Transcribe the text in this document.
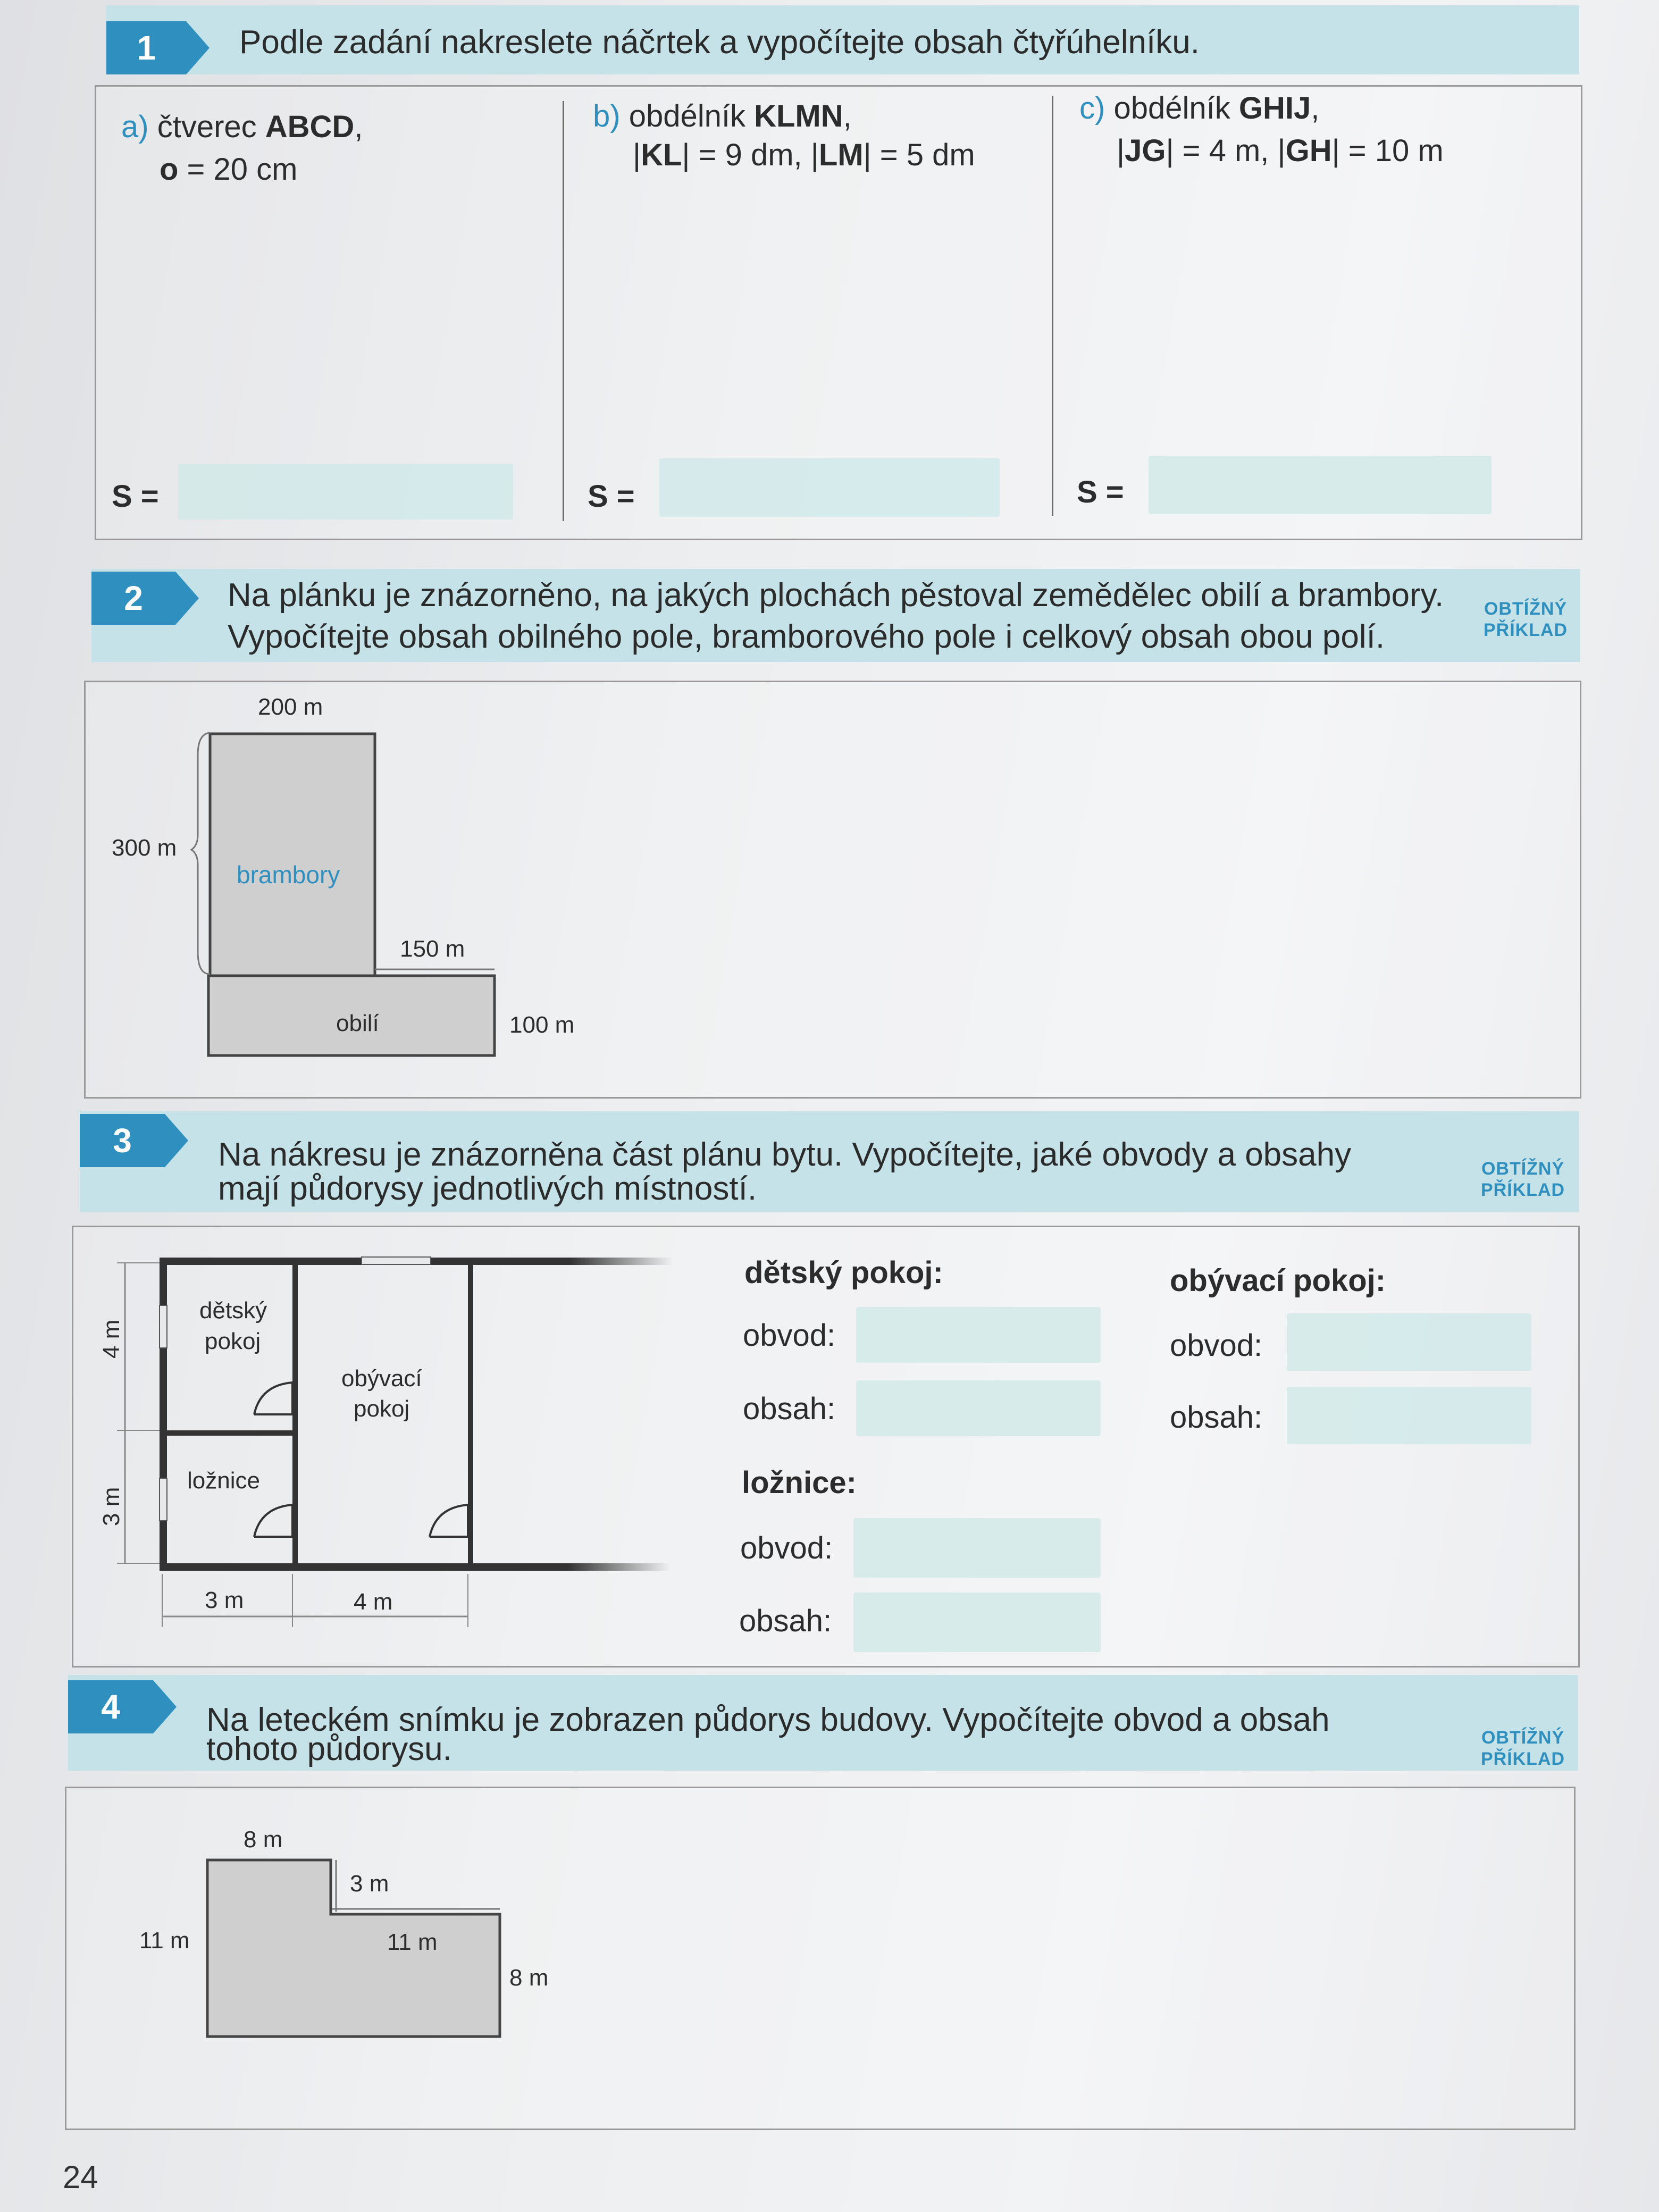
1	Podle zadání nakreslete náčrtek a vypočítejte obsah čtyřúhelníku.
a) čtverec ABCD,
o = 20 cm
b) obdélník KLMN,
|KL| = 9 dm, |LM| = 5 dm
c) obdélník GHIJ,
|JG| = 4 m, |GH| = 10 m
S =	S =	S =
2	Na plánku je znázorněno, na jakých plochách pěstoval zemědělec obilí a brambory.
Vypočítejte obsah obilného pole, bramborového pole i celkový obsah obou polí.
OBTÍŽNÝ
PŘÍKLAD
200 m
300 m
brambory
150 m
obilí	100 m
3	Na nákresu je znázorněna část plánu bytu. Vypočítejte, jaké obvody a obsahy
mají půdorysy jednotlivých místností.
OBTÍŽNÝ
PŘÍKLAD
dětský
pokoj
obývací
pokoj
ložnice
4 m
3 m
3 m	4 m
dětský pokoj:
obvod:
obsah:
obývací pokoj:
obvod:
obsah:
ložnice:
obvod:
obsah:
4	Na leteckém snímku je zobrazen půdorys budovy. Vypočítejte obvod a obsah
tohoto půdorysu.	OBTÍŽNÝ
PŘÍKLAD
8 m
3 m
11 m	11 m
8 m
24
